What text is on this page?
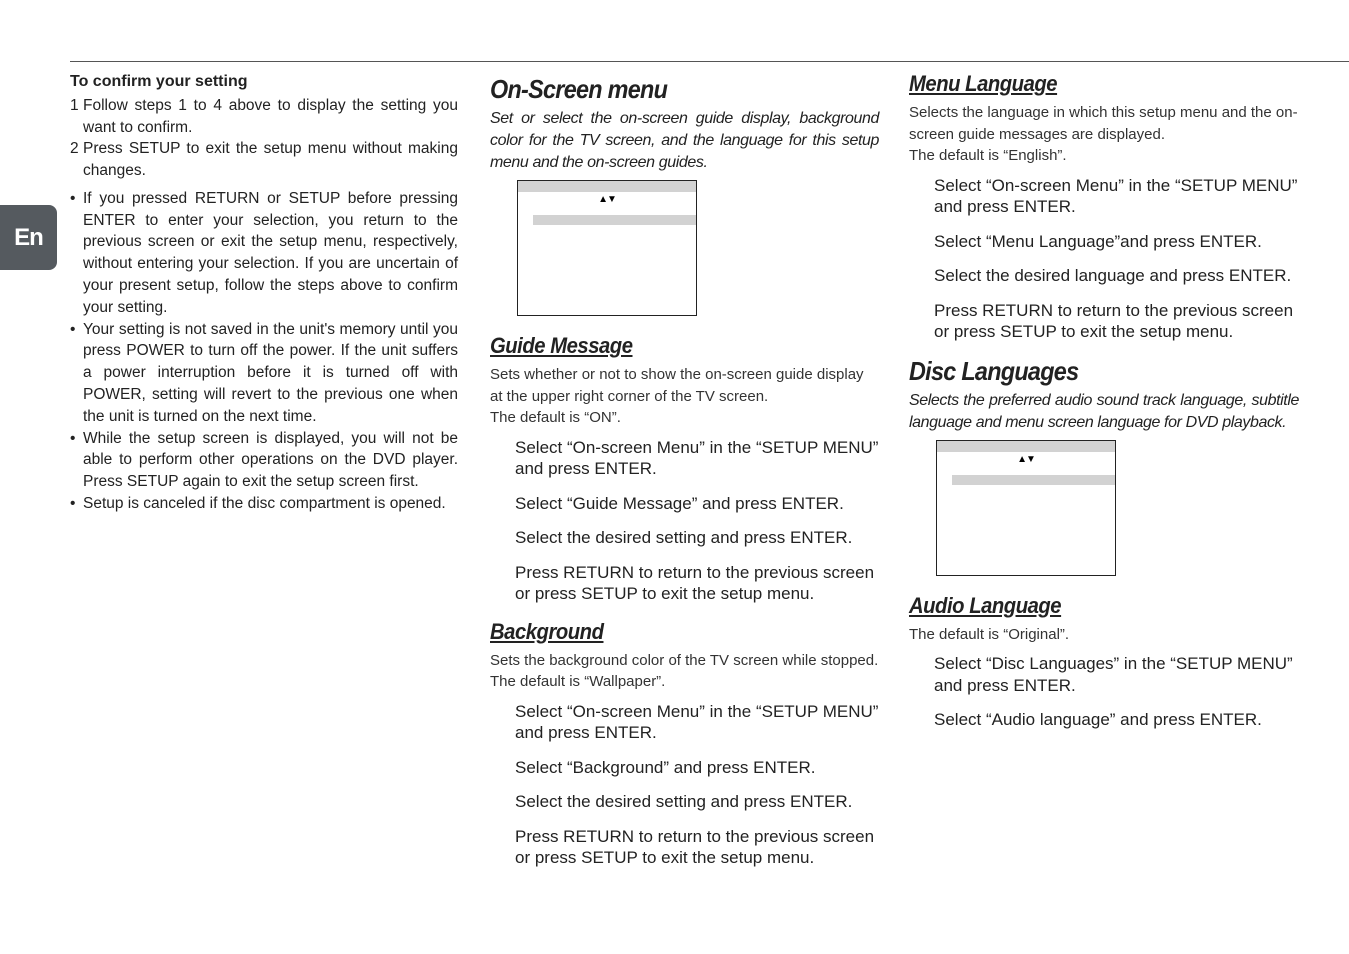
En
To confirm your setting
1 Follow steps 1 to 4 above to display the setting you want to confirm.
2 Press SETUP to exit the setup menu without making changes.
• If you pressed RETURN or SETUP before pressing ENTER to enter your selection, you return to the previous screen or exit the setup menu, respectively, without entering your selection. If you are uncertain of your present setup, follow the steps above to confirm your setting.
• Your setting is not saved in the unit's memory until you press POWER to turn off the power. If the unit suffers a power interruption before it is turned off with POWER, setting will revert to the previous one when the unit is turned on the next time.
• While the setup screen is displayed, you will not be able to perform other operations on the DVD player. Press SETUP again to exit the setup screen first.
• Setup is canceled if the disc compartment is opened.
On-Screen menu

Set or select the on-screen guide display, background color for the TV screen, and the language for this setup menu and the on-screen guides.

▲▼
Guide Message

Sets whether or not to show the on-screen guide display at the upper right corner of the TV screen.
The default is “ON”.

Select “On-screen Menu” in the “SETUP MENU” and press ENTER.
Select “Guide Message” and press ENTER.
Select the desired setting and press ENTER.
Press RETURN to return to the previous screen or press SETUP to exit the setup menu.
Background

Sets the background color of the TV screen while stopped.
The default is “Wallpaper”.

Select “On-screen Menu” in the “SETUP MENU” and press ENTER.
Select “Background” and press ENTER.
Select the desired setting and press ENTER.
Press RETURN to return to the previous screen or press SETUP to exit the setup menu.
Menu Language

Selects the language in which this setup menu and the on-screen guide messages are displayed.
The default is “English”.

Select “On-screen Menu” in the “SETUP MENU” and press ENTER.
Select “Menu Language”and press ENTER.
Select the desired language and press ENTER.
Press RETURN to return to the previous screen or press SETUP to exit the setup menu.
Disc Languages

Selects the preferred audio sound track language, subtitle language and menu screen language for DVD playback.

▲▼
Audio Language

The default is “Original”.

Select “Disc Languages” in the “SETUP MENU” and press ENTER.
Select “Audio language” and press ENTER.
